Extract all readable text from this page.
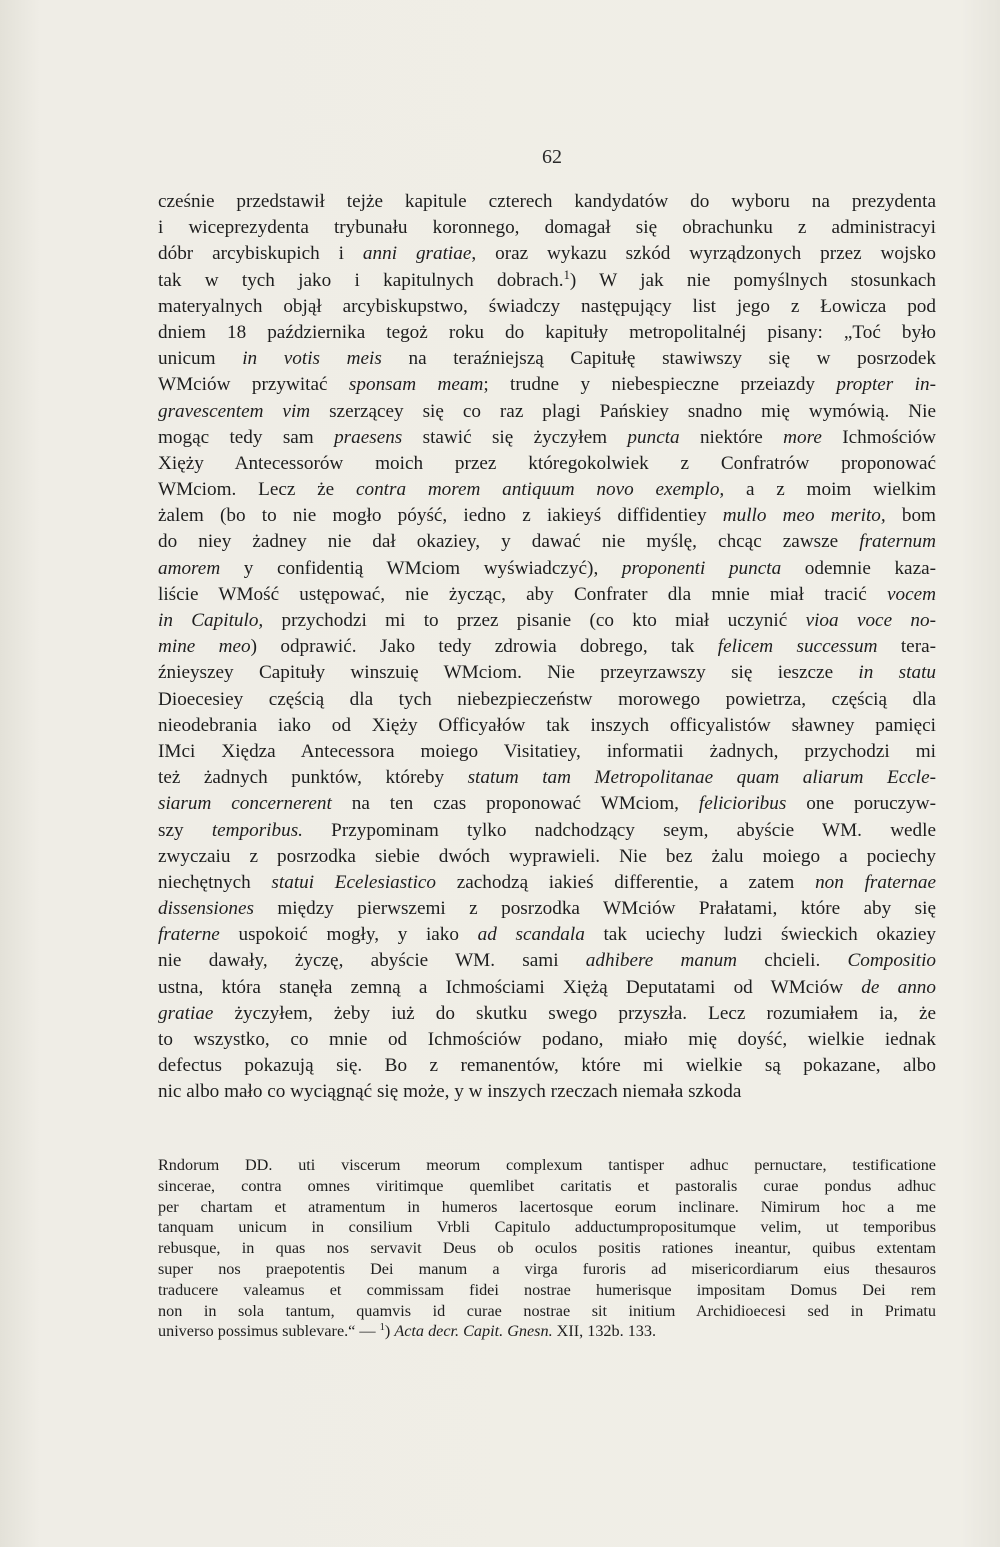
62
cześnie przedstawił tejże kapitule czterech kandydatów do wyboru na prezydenta
i wiceprezydenta trybunału koronnego, domagał się obrachunku z administracyi
dóbr arcybiskupich i anni gratiae, oraz wykazu szkód wyrządzonych przez wojsko
tak w tych jako i kapitulnych dobrach.$^1$) W jak nie pomyślnych stosunkach
materyalnych objął arcybiskupstwo, świadczy następujący list jego z Łowicza pod
dniem 18 października tegoż roku do kapituły metropolitalnéj pisany: „Toć było
unicum in votis meis na teraźniejszą Capitułę stawiwszy się w posrzodek
WMciów przywitać sponsam meam; trudne y niebespieczne przeiazdy propter in-
gravescentem vim szerzącey się co raz plagi Pańskiey snadno mię wymówią. Nie
mogąc tedy sam praesens stawić się życzyłem puncta niektóre more Ichmościów
Xięży Antecessorów moich przez któregokolwiek z Confratrów proponować
WMciom. Lecz że contra morem antiquum novo exemplo, a z moim wielkim
żalem (bo to nie mogło póyść, iedno z iakieyś diffidentiey mullo meo merito, bom
do niey żadney nie dał okaziey, y dawać nie myślę, chcąc zawsze fraternum
amorem y confidentią WMciom wyświadczyć), proponenti puncta odemnie kaza-
liście WMość ustępować, nie życząc, aby Confrater dla mnie miał tracić vocem
in Capitulo, przychodzi mi to przez pisanie (co kto miał uczynić vioa voce no-
mine meo) odprawić. Jako tedy zdrowia dobrego, tak felicem successum tera-
źnieyszey Capituły winszuię WMciom. Nie przeyrzawszy się ieszcze in statu
Dioecesiey częścią dla tych niebezpieczeństw morowego powietrza, częścią dla
nieodebrania iako od Xięży Officyałów tak inszych officyalistów sławney pamięci
IMci Xiędza Antecessora moiego Visitatiey, informatii żadnych, przychodzi mi
też żadnych punktów, któreby statum tam Metropolitanae quam aliarum Eccle-
siarum concernerent na ten czas proponować WMciom, felicioribus one poruczyw-
szy temporibus. Przypominam tylko nadchodzący seym, abyście WM. wedle
zwyczaiu z posrzodka siebie dwóch wyprawieli. Nie bez żalu moiego a pociechy
niechętnych statui Ecelesiastico zachodzą iakieś differentie, a zatem non fraternae
dissensiones między pierwszemi z posrzodka WMciów Prałatami, które aby się
fraterne uspokoić mogły, y iako ad scandala tak uciechy ludzi świeckich okaziey
nie dawały, życzę, abyście WM. sami adhibere manum chcieli. Compositio
ustna, która stanęła zemną a Ichmościami Xiężą Deputatami od WMciów de anno
gratiae życzyłem, żeby iuż do skutku swego przyszła. Lecz rozumiałem ia, że
to wszystko, co mnie od Ichmościów podano, miało mię doyść, wielkie iednak
defectus pokazują się. Bo z remanentów, które mi wielkie są pokazane, albo
nic albo mało co wyciągnąć się może, y w inszych rzeczach niemała szkoda
Rndorum DD. uti viscerum meorum complexum tantisper adhuc pernuctare, testificatione
sincerae, contra omnes viritimque quemlibet caritatis et pastoralis curae pondus adhuc
per chartam et atramentum in humeros lacertosque eorum inclinare. Nimirum hoc a me
tanquam unicum in consilium Vrbli Capitulo adductumpropositumque velim, ut temporibus
rebusque, in quas nos servavit Deus ob oculos positis rationes ineantur, quibus extentam
super nos praepotentis Dei manum a virga furoris ad misericordiarum eius thesauros
traducere valeamus et commissam fidei nostrae humerisque impositam Domus Dei rem
non in sola tantum, quamvis id curae nostrae sit initium Archidioecesi sed in Primatu
universo possimus sublevare.“ — $^1$) Acta decr. Capit. Gnesn. XII, 132b. 133.
